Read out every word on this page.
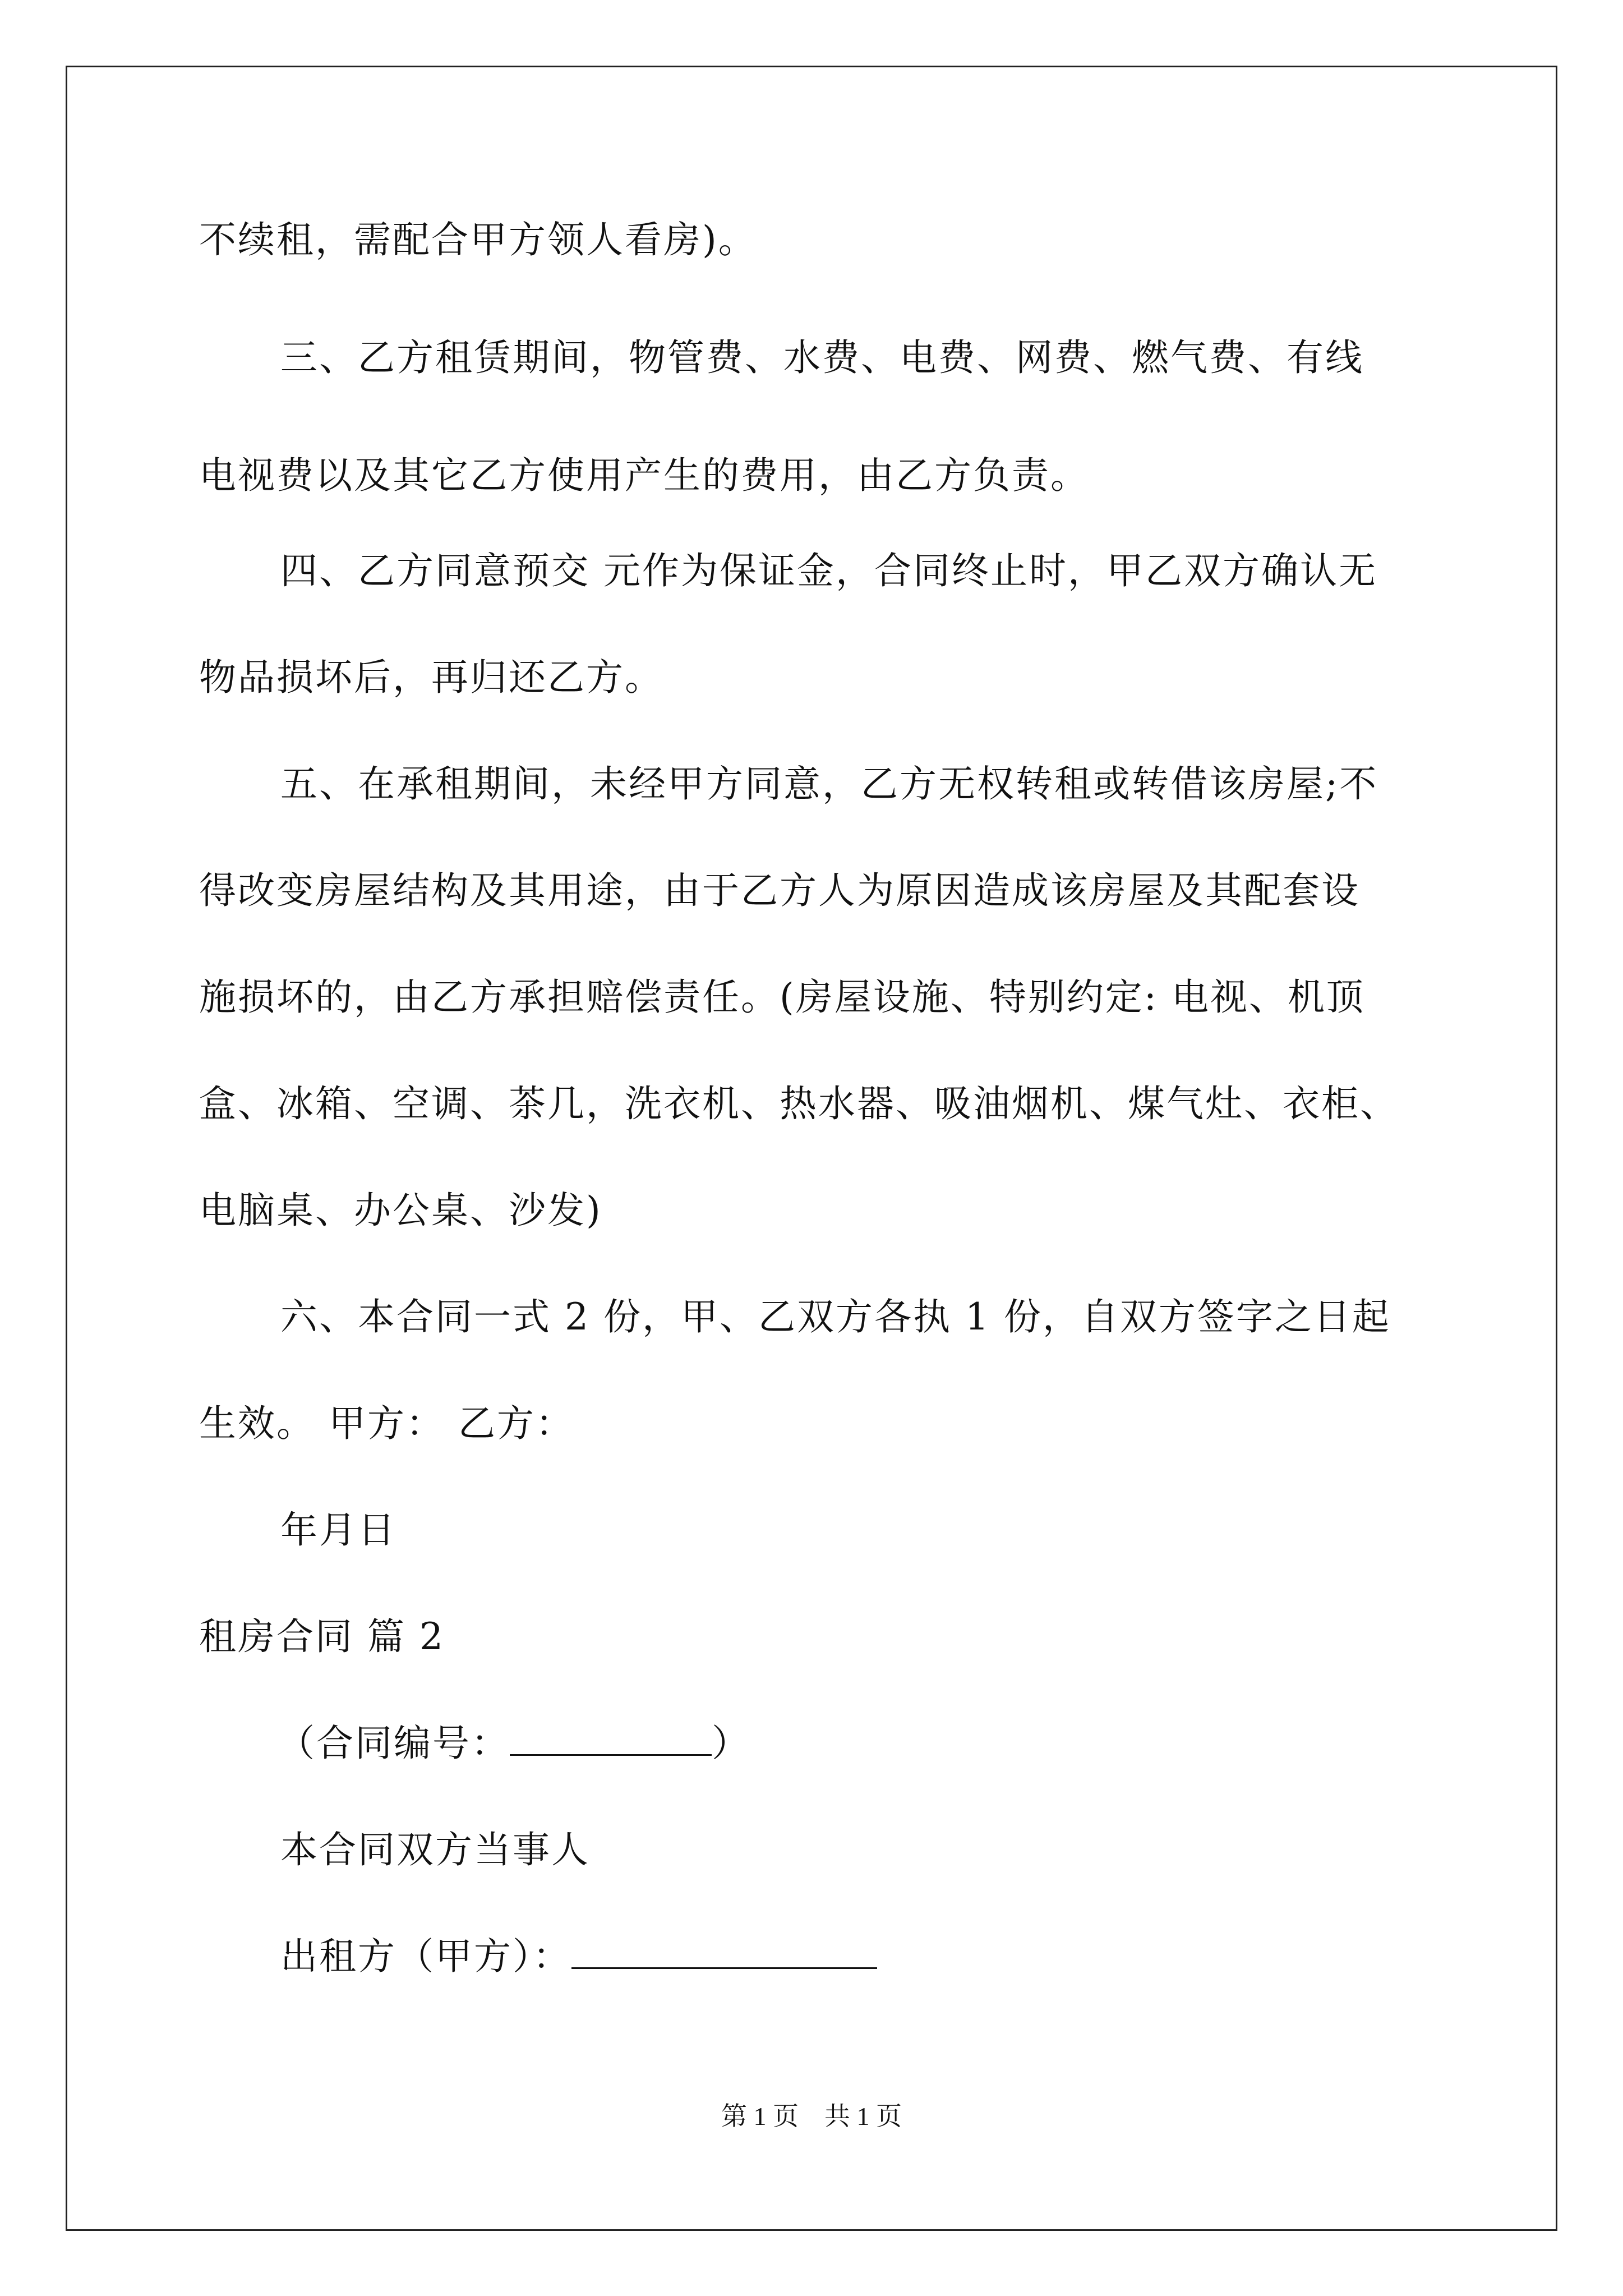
不续租，需配合甲方领人看房)。
三、乙方租赁期间，物管费、水费、电费、网费、燃气费、有线
电视费以及其它乙方使用产生的费用，由乙方负责。
四、乙方同意预交 元作为保证金，合同终止时，甲乙双方确认无
物品损坏后，再归还乙方。
五、在承租期间，未经甲方同意，乙方无权转租或转借该房屋;不
得改变房屋结构及其用途，由于乙方人为原因造成该房屋及其配套设
施损坏的，由乙方承担赔偿责任。(房屋设施、特别约定: 电视、机顶
盒、冰箱、空调、茶几，洗衣机、热水器、吸油烟机、煤气灶、衣柜、
电脑桌、办公桌、沙发)
六、本合同一式 2 份，甲、乙双方各执 1 份，自双方签字之日起
生效。 甲方： 乙方：
年月日
租房合同 篇 2
（合同编号：	）
本合同双方当事人
出租方（甲方）：
第 1 页　共 1 页
